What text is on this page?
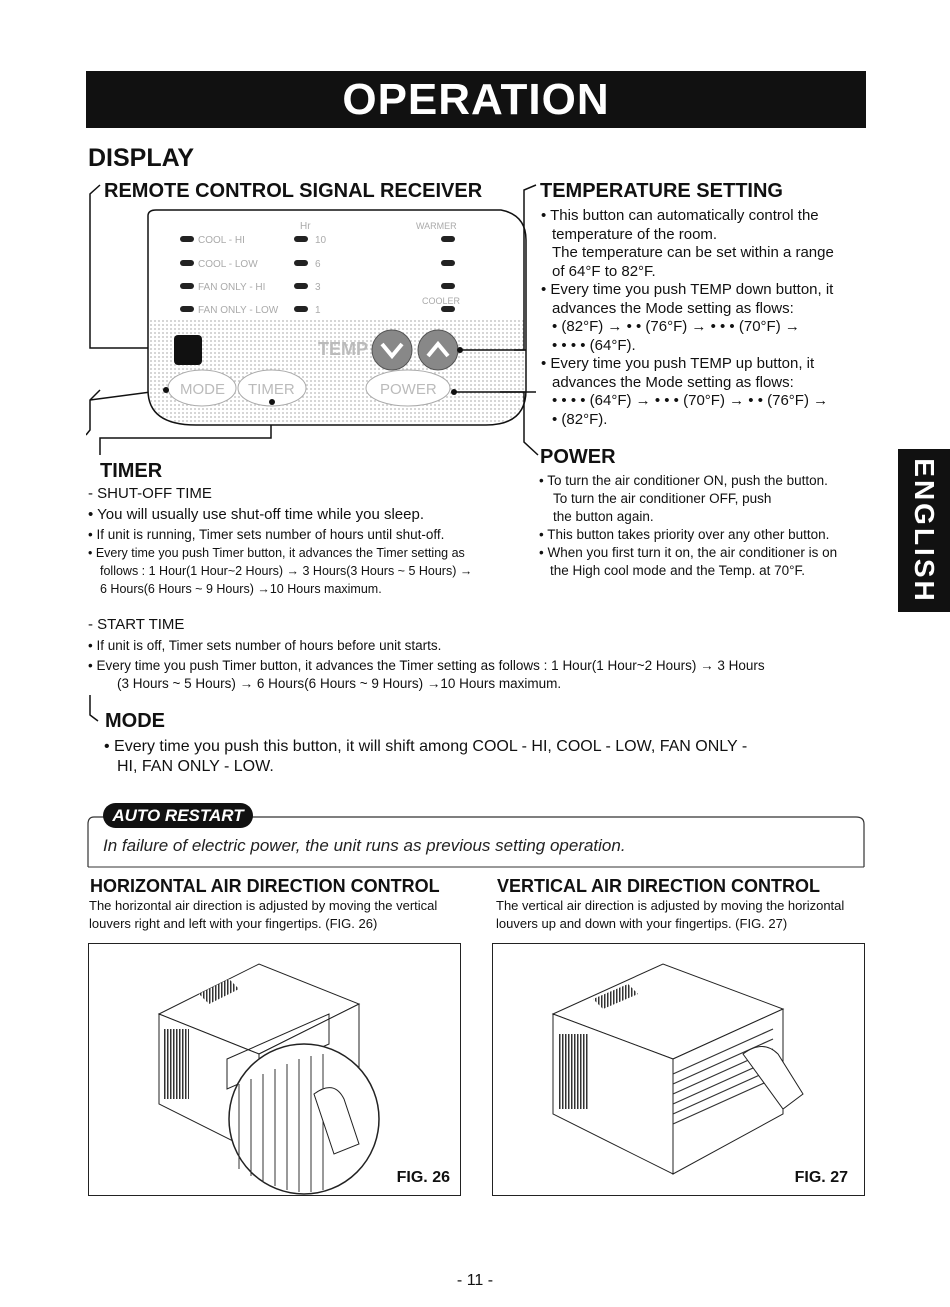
OPERATION
ENGLISH
DISPLAY
REMOTE CONTROL SIGNAL RECEIVER
COOL - HI
COOL - LOW
FAN ONLY - HI
FAN ONLY - LOW
Hr
10
6
3
1
WARMER
COOLER
TEMP
MODE TIMER	POWER
TEMPERATURE SETTING
• This button can automatically control the
temperature of the room.
The temperature can be set within a range
of 64°F to 82°F.
• Every time you push TEMP down button, it
advances the Mode setting as flows:
• (82°F) → • • (76°F) → • • • (70°F) →
• • • • (64°F).
• Every time you push TEMP up button, it
advances the Mode setting as flows:
• • • • (64°F) → • • • (70°F) → • • (76°F) →
• (82°F).
POWER
• To turn the air conditioner ON, push the button.
To turn the air conditioner OFF, push
the button again.
• This button takes priority over any other button.
• When you first turn it on, the air conditioner is on
the High cool mode and the Temp. at 70°F.
TIMER
- SHUT-OFF TIME
• You will usually use shut-off time while you sleep.
• If unit is running, Timer sets number of hours until shut-off.
• Every time you push Timer button, it advances the Timer setting as
follows : 1 Hour(1 Hour~2 Hours) → 3 Hours(3 Hours ~ 5 Hours) →
6 Hours(6 Hours ~ 9 Hours) →10 Hours maximum.
- START TIME
• If unit is off, Timer sets number of hours before unit starts.
• Every time you push Timer button, it advances the Timer setting as follows : 1 Hour(1 Hour~2 Hours) → 3 Hours
(3 Hours ~ 5 Hours) → 6 Hours(6 Hours ~ 9 Hours) →10 Hours maximum.
MODE
• Every time you push this button, it will shift among COOL - HI, COOL - LOW, FAN ONLY -
HI, FAN ONLY - LOW.
AUTO RESTART
In failure of electric power, the unit runs as previous setting operation.
HORIZONTAL AIR DIRECTION CONTROL
The horizontal air direction is adjusted by moving the vertical
louvers right and left with your fingertips. (FIG. 26)
VERTICAL AIR DIRECTION CONTROL
The vertical air direction is adjusted by moving the horizontal
louvers up and down with your fingertips. (FIG. 27)
FIG. 26	FIG. 27
- 11 -
